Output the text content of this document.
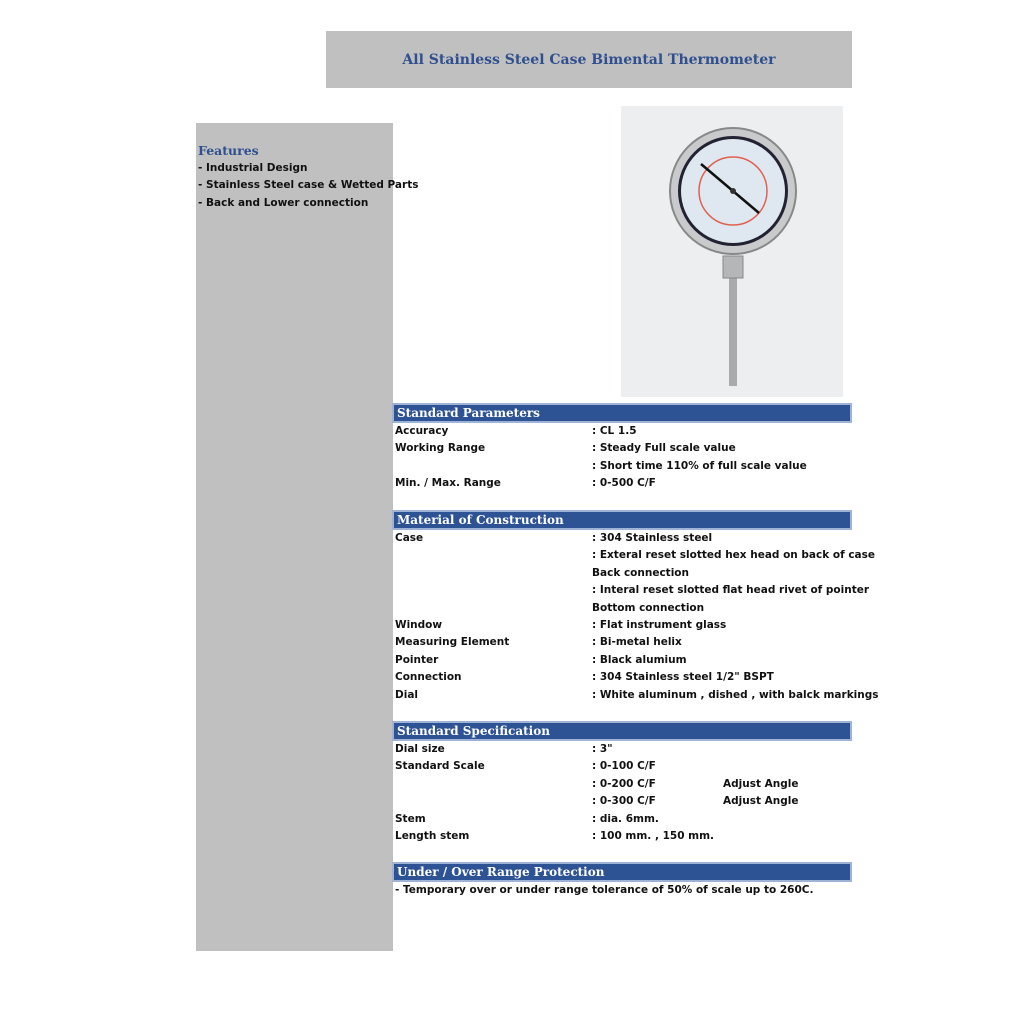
All Stainless Steel Case Bimental Thermometer
Features
- Industrial Design
- Stainless Steel case & Wetted Parts
- Back and Lower connection
Standard Parameters
Accuracy	: CL 1.5
Working Range	: Steady Full scale value
: Short time 110% of full scale value
Min. / Max. Range	: 0-500 C/F
Material of Construction
Case	: 304 Stainless steel
: Exteral reset slotted hex head on back of case
Back connection
: Interal reset slotted flat head rivet of pointer
Bottom connection
Window	: Flat instrument glass
Measuring Element	: Bi-metal helix
Pointer	: Black alumium
Connection	: 304 Stainless steel 1/2" BSPT
Dial	: White aluminum , dished , with balck markings
Standard Specification
Dial size	: 3"
Standard Scale	: 0-100 C/F
: 0-200 C/F	Adjust Angle
: 0-300 C/F	Adjust Angle
Stem	: dia. 6mm.
Length stem	: 100 mm. , 150 mm.
Under / Over Range Protection
- Temporary over or under range tolerance of 50% of scale up to 260C.
